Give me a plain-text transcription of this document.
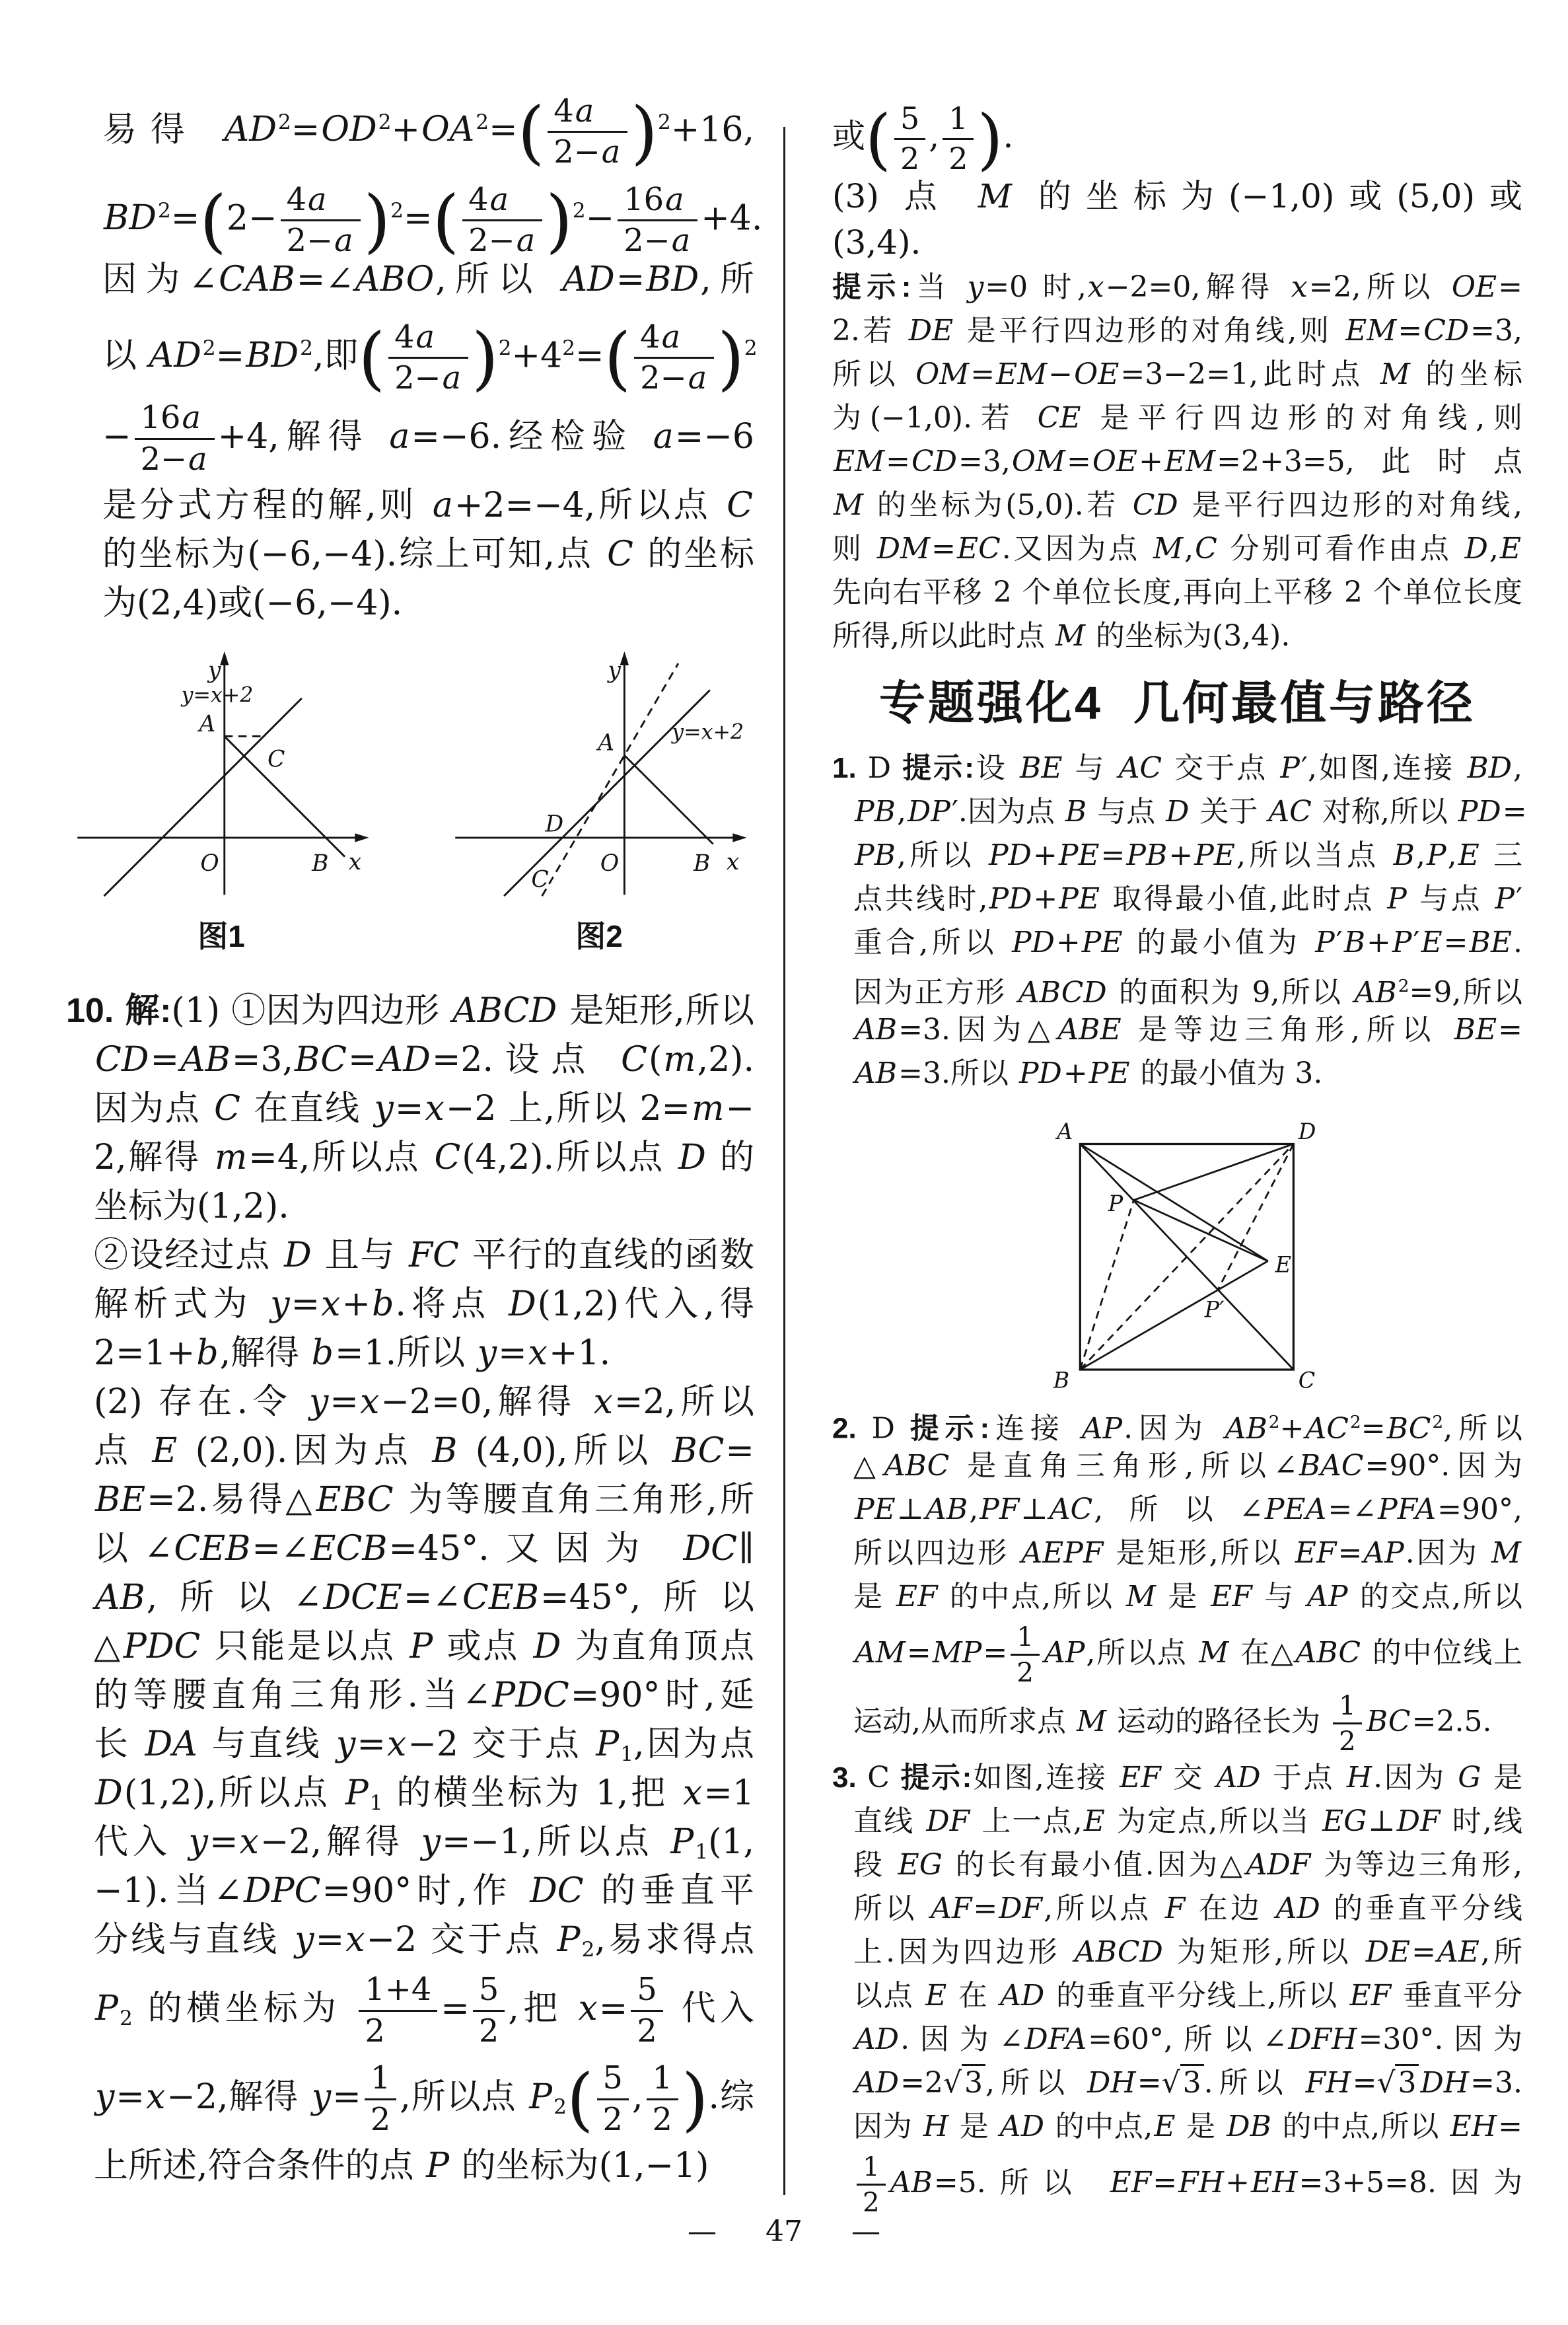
易得 $AD^2=OD^2+OA^2=( \frac{4a}{2-a} )^2+16$,
$BD^2=(2- \frac{4a}{2-a} )^2=( \frac{4a}{2-a} )^2- \frac{16a}{2-a} +4$.
因为∠CAB=∠ABO,所以 AD=BD,所
以 $AD^2=BD^2$,即( $\frac{4a}{2-a} )^2+4^2=( \frac{4a}{2-a} )^2$
− $\frac{16a}{2-a} +4$,解得 a=−6.经检验 a=−6
是分式方程的解,则 a+2=−4,所以点 C
的坐标为(−6,−4).综上可知,点 C 的坐标
为(2,4)或(−6,−4).
y
x
O
A
C
B
y=x+2
图1
y
x
O
A
D
C
B
y=x+2
图2
10. 解:(1) ①因为四边形 ABCD 是矩形,所以
CD=AB=3,BC=AD=2.设点 C(m,2).
因为点 C 在直线 y=x−2 上,所以 2=m−
2,解得 m=4,所以点 C(4,2).所以点 D 的
坐标为(1,2).
②设经过点 D 且与 FC 平行的直线的函数
解析式为 y=x+b.将点 D(1,2)代入,得
2=1+b,解得 b=1.所以 y=x+1.
(2) 存在.令 y=x−2=0,解得 x=2,所以
点 E (2,0).因为点 B (4,0),所以 BC=
BE=2.易得△EBC 为等腰直角三角形,所
以∠CEB=∠ECB=45°.又因为 DC∥
AB,所以∠DCE=∠CEB=45°,所以
△PDC 只能是以点 P 或点 D 为直角顶点
的等腰直角三角形.当∠PDC=90°时,延
长 DA 与直线 y=x−2 交于点 $P_1$,因为点
D(1,2),所以点 $P_1$ 的横坐标为 1,把 x=1
代入 y=x−2,解得 y=−1,所以点 $P_1(1$,
−1).当∠DPC=90°时,作 DC 的垂直平
分线与直线 y=x−2 交于点 $P_2$,易求得点
$P_2$ 的横坐标为 $\frac{1+4}{2} = \frac{5}{2}$ ,把 $x= \frac{5}{2}$ 代入
y=x−2,解得 $y= \frac{1}{2}$ ,所以点 $P_2( \frac{5}{2}$ , $\frac{1}{2}$ ).综
上所述,符合条件的点 P 的坐标为(1,−1)
或( $\frac{5}{2}$ , $\frac{1}{2}$ ).
(3) 点 M 的坐标为(−1,0)或(5,0)或
(3,4).
提示:当 y=0 时,x−2=0,解得 x=2,所以 OE=
2.若 DE 是平行四边形的对角线,则 EM=CD=3,
所以 OM=EM−OE=3−2=1,此时点 M 的坐标
为(−1,0).若 CE 是平行四边形的对角线,则
EM=CD=3,OM=OE+EM=2+3=5,此时点
M 的坐标为(5,0).若 CD 是平行四边形的对角线,
则 DM=EC.又因为点 M,C 分别可看作由点 D,E
先向右平移 2 个单位长度,再向上平移 2 个单位长度
所得,所以此时点 M 的坐标为(3,4).
专题强化4 几何最值与路径
1. D 提示:设 BE 与 AC 交于点 P′,如图,连接 BD,
PB,DP′.因为点 B 与点 D 关于 AC 对称,所以 PD=
PB,所以 PD+PE=PB+PE,所以当点 B,P,E 三
点共线时,PD+PE 取得最小值,此时点 P 与点 P′
重合,所以 PD+PE 的最小值为 P′B+P′E=BE.
因为正方形 ABCD 的面积为 9,所以 $AB^2=9$,所以
AB=3.因为△ABE 是等边三角形,所以 BE=
AB=3.所以 PD+PE 的最小值为 3.
A	D
B	C
P
E
P′
2. D 提示:连接 AP.因为 $AB^2+AC^2=BC^2$,所以
△ABC 是直角三角形,所以∠BAC=90°.因为
PE⊥AB,PF⊥AC,所以∠PEA=∠PFA=90°,
所以四边形 AEPF 是矩形,所以 EF=AP.因为 M
是 EF 的中点,所以 M 是 EF 与 AP 的交点,所以
$AM=MP= \frac{1}{2}$ AP,所以点 M 在△ABC 的中位线上
运动,从而所求点 M 运动的路径长为 $\frac{1}{2} BC=2.5$.
3. C 提示:如图,连接 EF 交 AD 于点 H.因为 G 是
直线 DF 上一点,E 为定点,所以当 EG⊥DF 时,线
段 EG 的长有最小值.因为△ADF 为等边三角形,
所以 AF=DF,所以点 F 在边 AD 的垂直平分线
上.因为四边形 ABCD 为矩形,所以 DE=AE,所
以点 E 在 AD 的垂直平分线上,所以 EF 垂直平分
AD.因为∠DFA=60°,所以∠DFH=30°.因为
AD=2√3,所以 DH=√3.所以 FH=√3 DH=3.
因为 H 是 AD 的中点,E 是 DB 的中点,所以 EH=
$\frac{1}{2} AB=5$.所以 EF=FH+EH=3+5=8.因为
— 47 —
